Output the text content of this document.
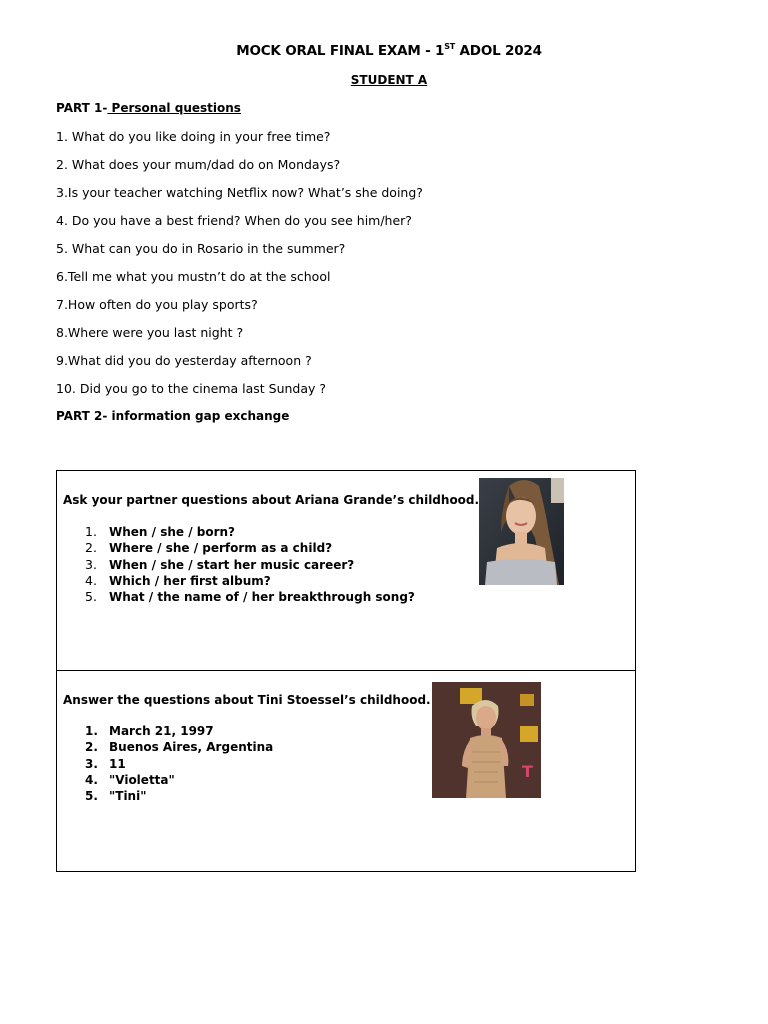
MOCK ORAL FINAL EXAM - 1ST ADOL 2024
STUDENT A
PART 1- Personal questions
1. What do you like doing in your free time?
2. What does your mum/dad do on Mondays?
3.Is your teacher watching Netflix now? What’s she doing?
4. Do you have a best friend? When do you see him/her?
5. What can you do in Rosario in the summer?
6.Tell me what you mustn’t do at the school
7.How often do you play sports?
8.Where were you last night ?
9.What did you do yesterday afternoon ?
10. Did you go to the cinema last Sunday ?
PART 2- information gap exchange
Ask your partner questions about Ariana Grande’s childhood.
1. When / she / born?
2. Where / she / perform as a child?
3. When / she / start her music career?
4. Which / her first album?
5. What / the name of / her breakthrough song?
Answer the questions about Tini Stoessel’s childhood.
1. March 21, 1997
2. Buenos Aires, Argentina
3. 11
4. "Violetta"
5. "Tini"
T
